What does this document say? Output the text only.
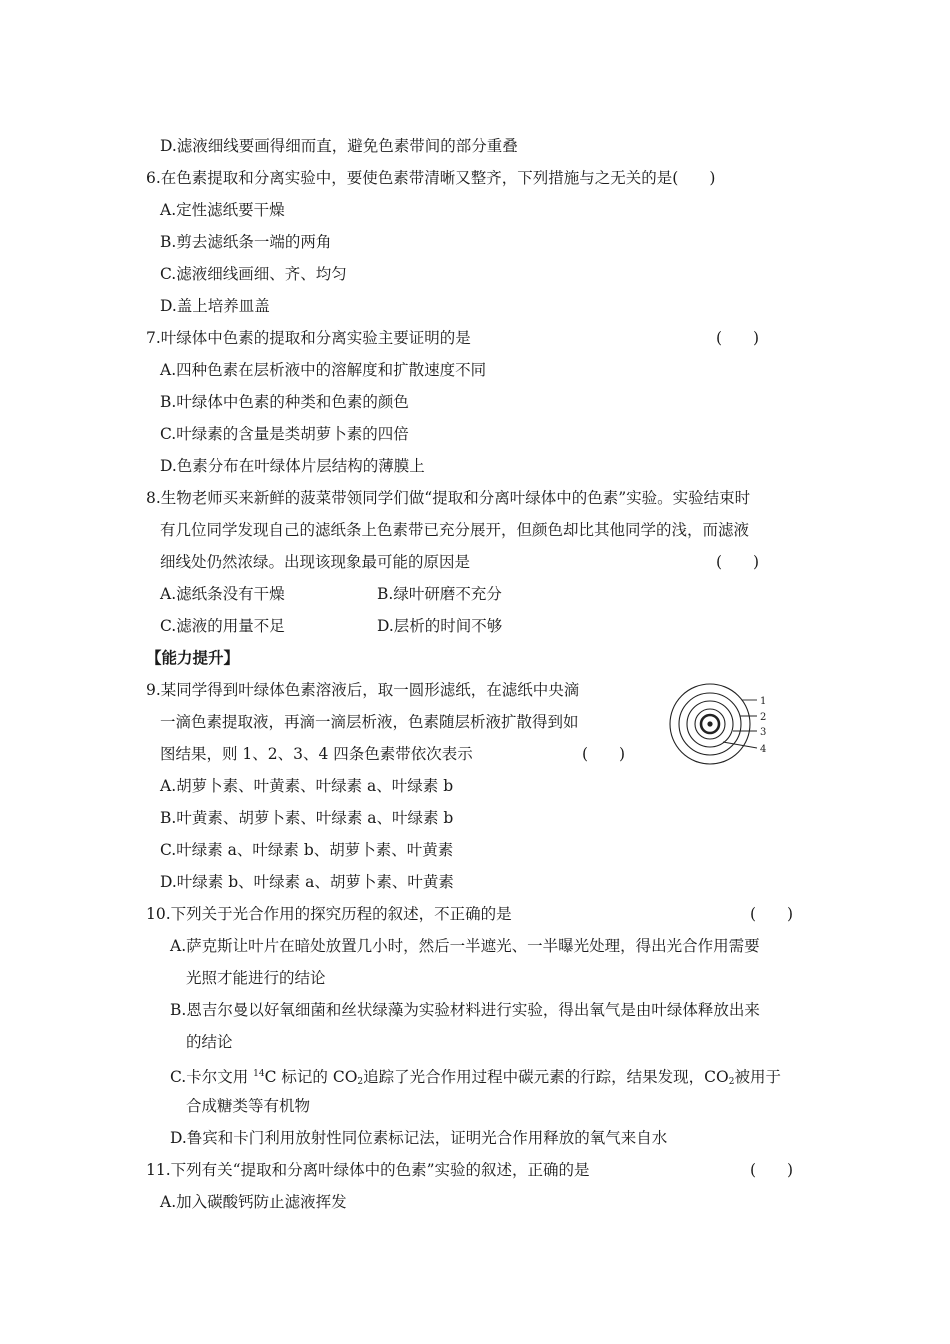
D.滤液细线要画得细而直，避免色素带间的部分重叠
6.在色素提取和分离实验中，要使色素带清晰又整齐，下列措施与之无关的是(　　)
A.定性滤纸要干燥
B.剪去滤纸条一端的两角
C.滤液细线画细、齐、均匀
D.盖上培养皿盖
7.叶绿体中色素的提取和分离实验主要证明的是	(　　)
A.四种色素在层析液中的溶解度和扩散速度不同
B.叶绿体中色素的种类和色素的颜色
C.叶绿素的含量是类胡萝卜素的四倍
D.色素分布在叶绿体片层结构的薄膜上
8.生物老师买来新鲜的菠菜带领同学们做“提取和分离叶绿体中的色素”实验。实验结束时
有几位同学发现自己的滤纸条上色素带已充分展开，但颜色却比其他同学的浅，而滤液
细线处仍然浓绿。出现该现象最可能的原因是	(　　)
A.滤纸条没有干燥	B.绿叶研磨不充分
C.滤液的用量不足	D.层析的时间不够
【能力提升】
9.某同学得到叶绿体色素溶液后，取一圆形滤纸，在滤纸中央滴
一滴色素提取液，再滴一滴层析液，色素随层析液扩散得到如
图结果，则 1、2、3、4 四条色素带依次表示	(　　)
A.胡萝卜素、叶黄素、叶绿素 a、叶绿素 b
B.叶黄素、胡萝卜素、叶绿素 a、叶绿素 b
C.叶绿素 a、叶绿素 b、胡萝卜素、叶黄素
D.叶绿素 b、叶绿素 a、胡萝卜素、叶黄素
1
2
3
4
10.下列关于光合作用的探究历程的叙述，不正确的是	(　　)
A.萨克斯让叶片在暗处放置几小时，然后一半遮光、一半曝光处理，得出光合作用需要
光照才能进行的结论
B.恩吉尔曼以好氧细菌和丝状绿藻为实验材料进行实验，得出氧气是由叶绿体释放出来
的结论
C.卡尔文用 $^{14}$C 标记的 $CO_2$追踪了光合作用过程中碳元素的行踪，结果发现，$CO_2$被用于
合成糖类等有机物
D.鲁宾和卡门利用放射性同位素标记法，证明光合作用释放的氧气来自水
11.下列有关“提取和分离叶绿体中的色素”实验的叙述，正确的是	(　　)
A.加入碳酸钙防止滤液挥发
